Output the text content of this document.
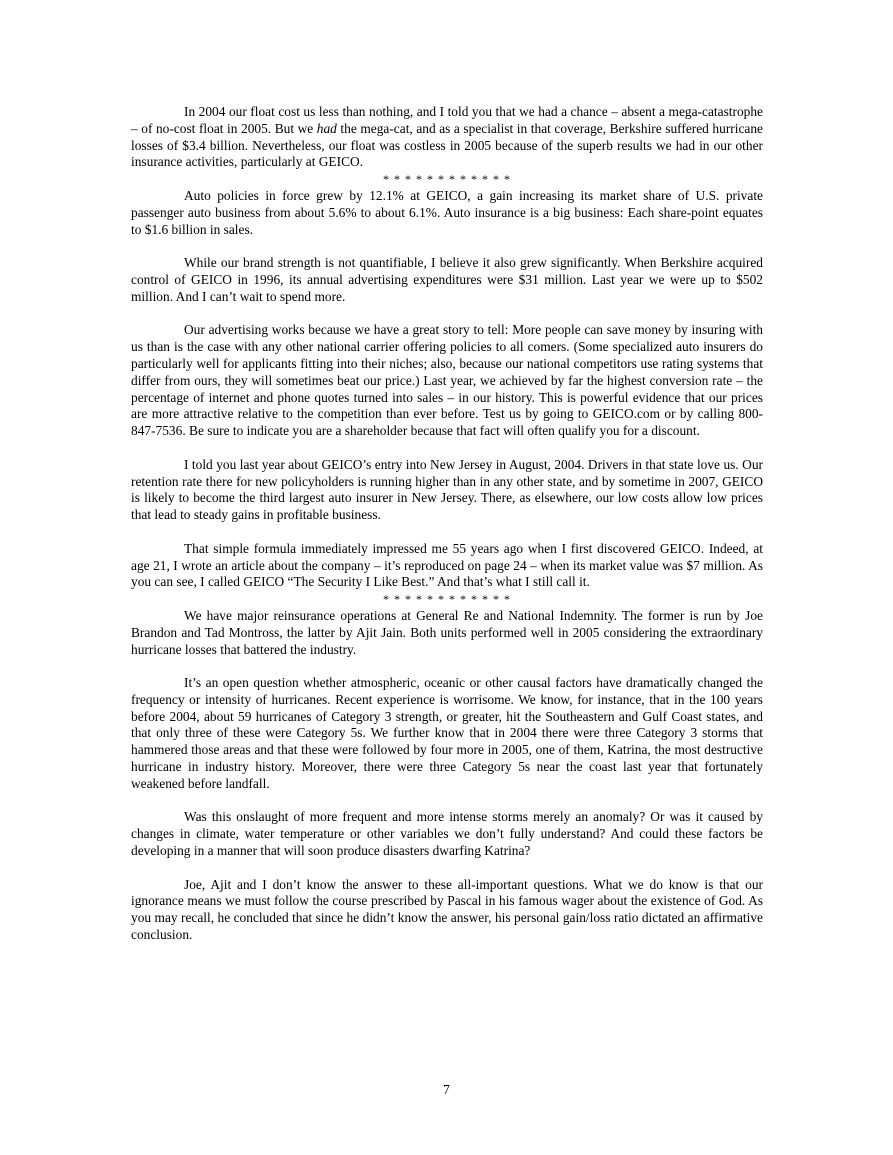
In 2004 our float cost us less than nothing, and I told you that we had a chance – absent a mega-catastrophe – of no-cost float in 2005. But we had the mega-cat, and as a specialist in that coverage, Berkshire suffered hurricane losses of $3.4 billion. Nevertheless, our float was costless in 2005 because of the superb results we had in our other insurance activities, particularly at GEICO.

* * * * * * * * * * * *

Auto policies in force grew by 12.1% at GEICO, a gain increasing its market share of U.S. private passenger auto business from about 5.6% to about 6.1%. Auto insurance is a big business: Each share-point equates to $1.6 billion in sales.

While our brand strength is not quantifiable, I believe it also grew significantly. When Berkshire acquired control of GEICO in 1996, its annual advertising expenditures were $31 million. Last year we were up to $502 million. And I can’t wait to spend more.

Our advertising works because we have a great story to tell: More people can save money by insuring with us than is the case with any other national carrier offering policies to all comers. (Some specialized auto insurers do particularly well for applicants fitting into their niches; also, because our national competitors use rating systems that differ from ours, they will sometimes beat our price.) Last year, we achieved by far the highest conversion rate – the percentage of internet and phone quotes turned into sales – in our history. This is powerful evidence that our prices are more attractive relative to the competition than ever before. Test us by going to GEICO.com or by calling 800-847-7536. Be sure to indicate you are a shareholder because that fact will often qualify you for a discount.

I told you last year about GEICO’s entry into New Jersey in August, 2004. Drivers in that state love us. Our retention rate there for new policyholders is running higher than in any other state, and by sometime in 2007, GEICO is likely to become the third largest auto insurer in New Jersey. There, as elsewhere, our low costs allow low prices that lead to steady gains in profitable business.

That simple formula immediately impressed me 55 years ago when I first discovered GEICO. Indeed, at age 21, I wrote an article about the company – it’s reproduced on page 24 – when its market value was $7 million. As you can see, I called GEICO “The Security I Like Best.” And that’s what I still call it.

* * * * * * * * * * * *

We have major reinsurance operations at General Re and National Indemnity. The former is run by Joe Brandon and Tad Montross, the latter by Ajit Jain. Both units performed well in 2005 considering the extraordinary hurricane losses that battered the industry.

It’s an open question whether atmospheric, oceanic or other causal factors have dramatically changed the frequency or intensity of hurricanes. Recent experience is worrisome. We know, for instance, that in the 100 years before 2004, about 59 hurricanes of Category 3 strength, or greater, hit the Southeastern and Gulf Coast states, and that only three of these were Category 5s. We further know that in 2004 there were three Category 3 storms that hammered those areas and that these were followed by four more in 2005, one of them, Katrina, the most destructive hurricane in industry history. Moreover, there were three Category 5s near the coast last year that fortunately weakened before landfall.

Was this onslaught of more frequent and more intense storms merely an anomaly? Or was it caused by changes in climate, water temperature or other variables we don’t fully understand? And could these factors be developing in a manner that will soon produce disasters dwarfing Katrina?

Joe, Ajit and I don’t know the answer to these all-important questions. What we do know is that our ignorance means we must follow the course prescribed by Pascal in his famous wager about the existence of God. As you may recall, he concluded that since he didn’t know the answer, his personal gain/loss ratio dictated an affirmative conclusion.

7
